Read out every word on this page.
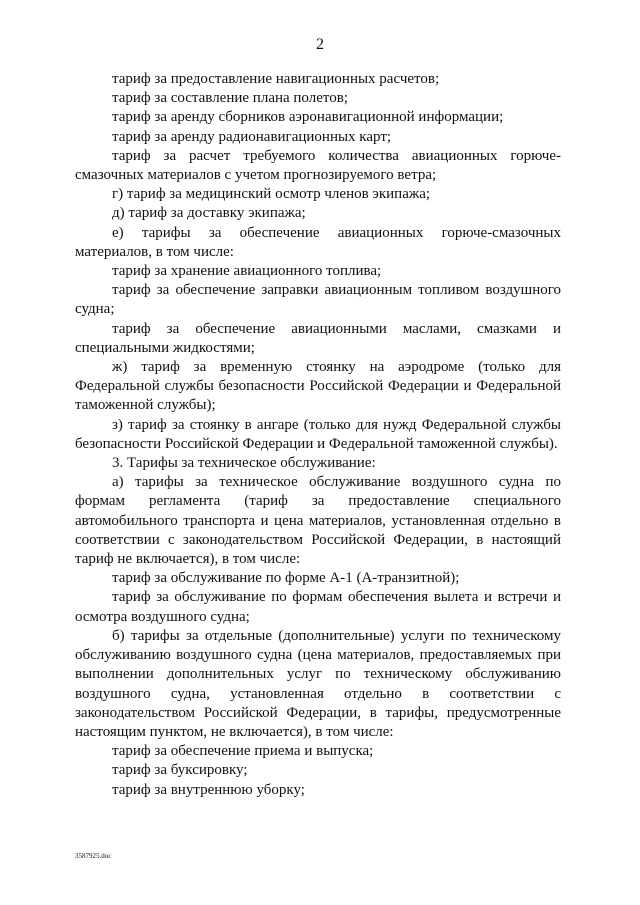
2

тариф за предоставление навигационных расчетов;

тариф за составление плана полетов;

тариф за аренду сборников аэронавигационной информации;

тариф за аренду радионавигационных карт;

тариф за расчет требуемого количества авиационных горюче-смазочных материалов с учетом прогнозируемого ветра;

г) тариф за медицинский осмотр членов экипажа;

д) тариф за доставку экипажа;

е) тарифы за обеспечение авиационных горюче-смазочных материалов, в том числе:

тариф за хранение авиационного топлива;

тариф за обеспечение заправки авиационным топливом воздушного судна;

тариф за обеспечение авиационными маслами, смазками и специальными жидкостями;

ж) тариф за временную стоянку на аэродроме (только для Федеральной службы безопасности Российской Федерации и Федеральной таможенной службы);

з) тариф за стоянку в ангаре (только для нужд Федеральной службы безопасности Российской Федерации и Федеральной таможенной службы).

3. Тарифы за техническое обслуживание:

а) тарифы за техническое обслуживание воздушного судна по формам регламента (тариф за предоставление специального автомобильного транспорта и цена материалов, установленная отдельно в соответствии с законодательством Российской Федерации, в настоящий тариф не включается), в том числе:

тариф за обслуживание по форме А-1 (А-транзитной);

тариф за обслуживание по формам обеспечения вылета и встречи и осмотра воздушного судна;

б) тарифы за отдельные (дополнительные) услуги по техническому обслуживанию воздушного судна (цена материалов, предоставляемых при выполнении дополнительных услуг по техническому обслуживанию воздушного судна, установленная отдельно в соответствии с законодательством Российской Федерации, в тарифы, предусмотренные настоящим пунктом, не включается), в том числе:

тариф за обеспечение приема и выпуска;

тариф за буксировку;

тариф за внутреннюю уборку;

3587925.doc
